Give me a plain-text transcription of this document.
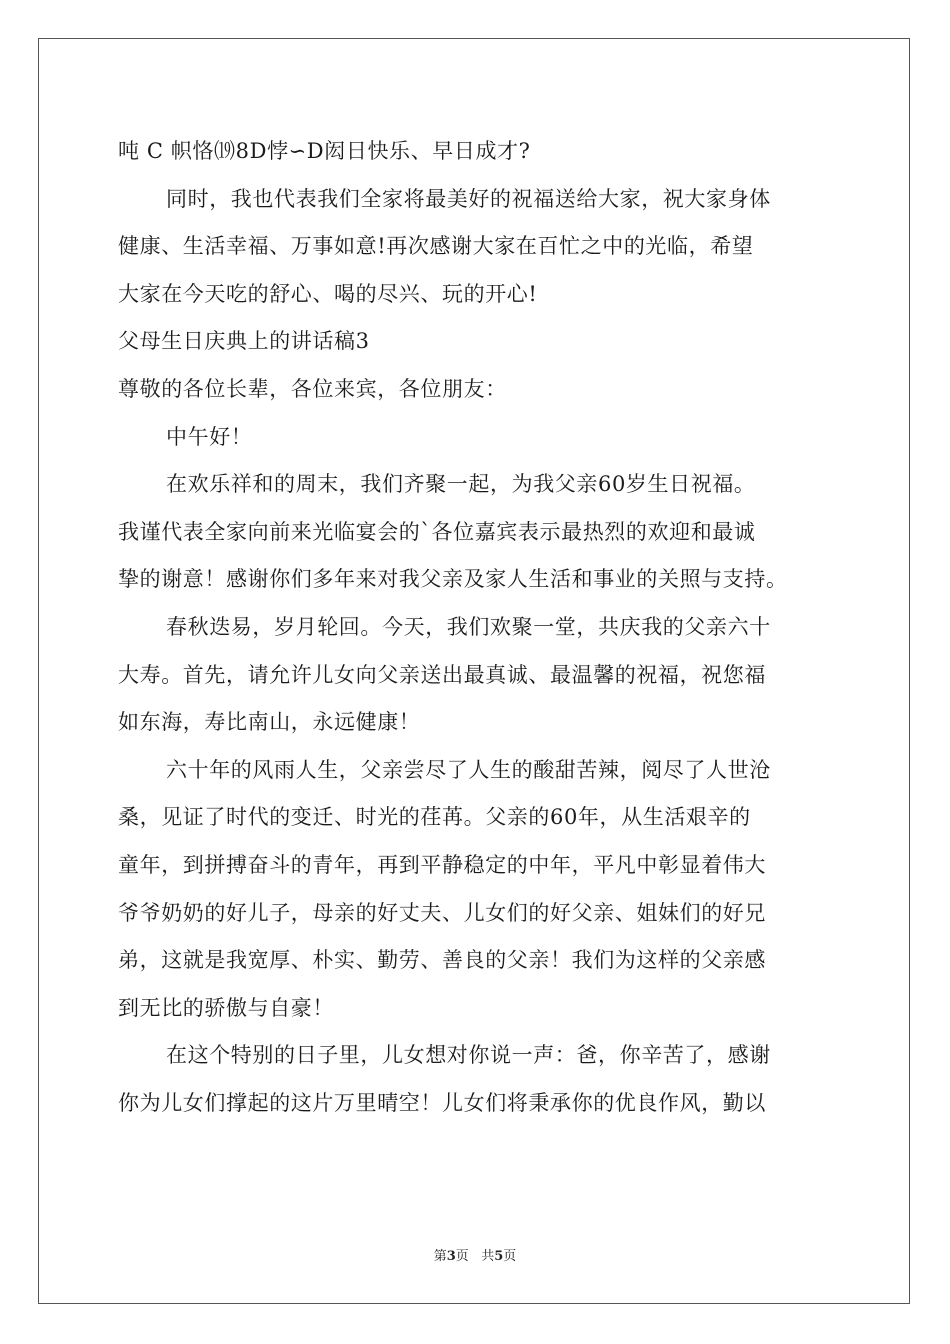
吨 C 帜恪⒆8D悖∽D闳日快乐、早日成才?
同时，我也代表我们全家将最美好的祝福送给大家，祝大家身体
健康、生活幸福、万事如意!再次感谢大家在百忙之中的光临，希望
大家在今天吃的舒心、喝的尽兴、玩的开心!
父母生日庆典上的讲话稿3
尊敬的各位长辈，各位来宾，各位朋友：
中午好！
在欢乐祥和的周末，我们齐聚一起，为我父亲60岁生日祝福。
我谨代表全家向前来光临宴会的`各位嘉宾表示最热烈的欢迎和最诚
挚的谢意！感谢你们多年来对我父亲及家人生活和事业的关照与支持。
春秋迭易，岁月轮回。今天，我们欢聚一堂，共庆我的父亲六十
大寿。首先，请允许儿女向父亲送出最真诚、最温馨的祝福，祝您福
如东海，寿比南山，永远健康！
六十年的风雨人生，父亲尝尽了人生的酸甜苦辣，阅尽了人世沧
桑，见证了时代的变迁、时光的荏苒。父亲的60年，从生活艰辛的
童年，到拼搏奋斗的青年，再到平静稳定的中年，平凡中彰显着伟大
爷爷奶奶的好儿子，母亲的好丈夫、儿女们的好父亲、姐妹们的好兄
弟，这就是我宽厚、朴实、勤劳、善良的父亲！我们为这样的父亲感
到无比的骄傲与自豪！
在这个特别的日子里，儿女想对你说一声：爸，你辛苦了，感谢
你为儿女们撑起的这片万里晴空！儿女们将秉承你的优良作风，勤以
第3页 共5页
